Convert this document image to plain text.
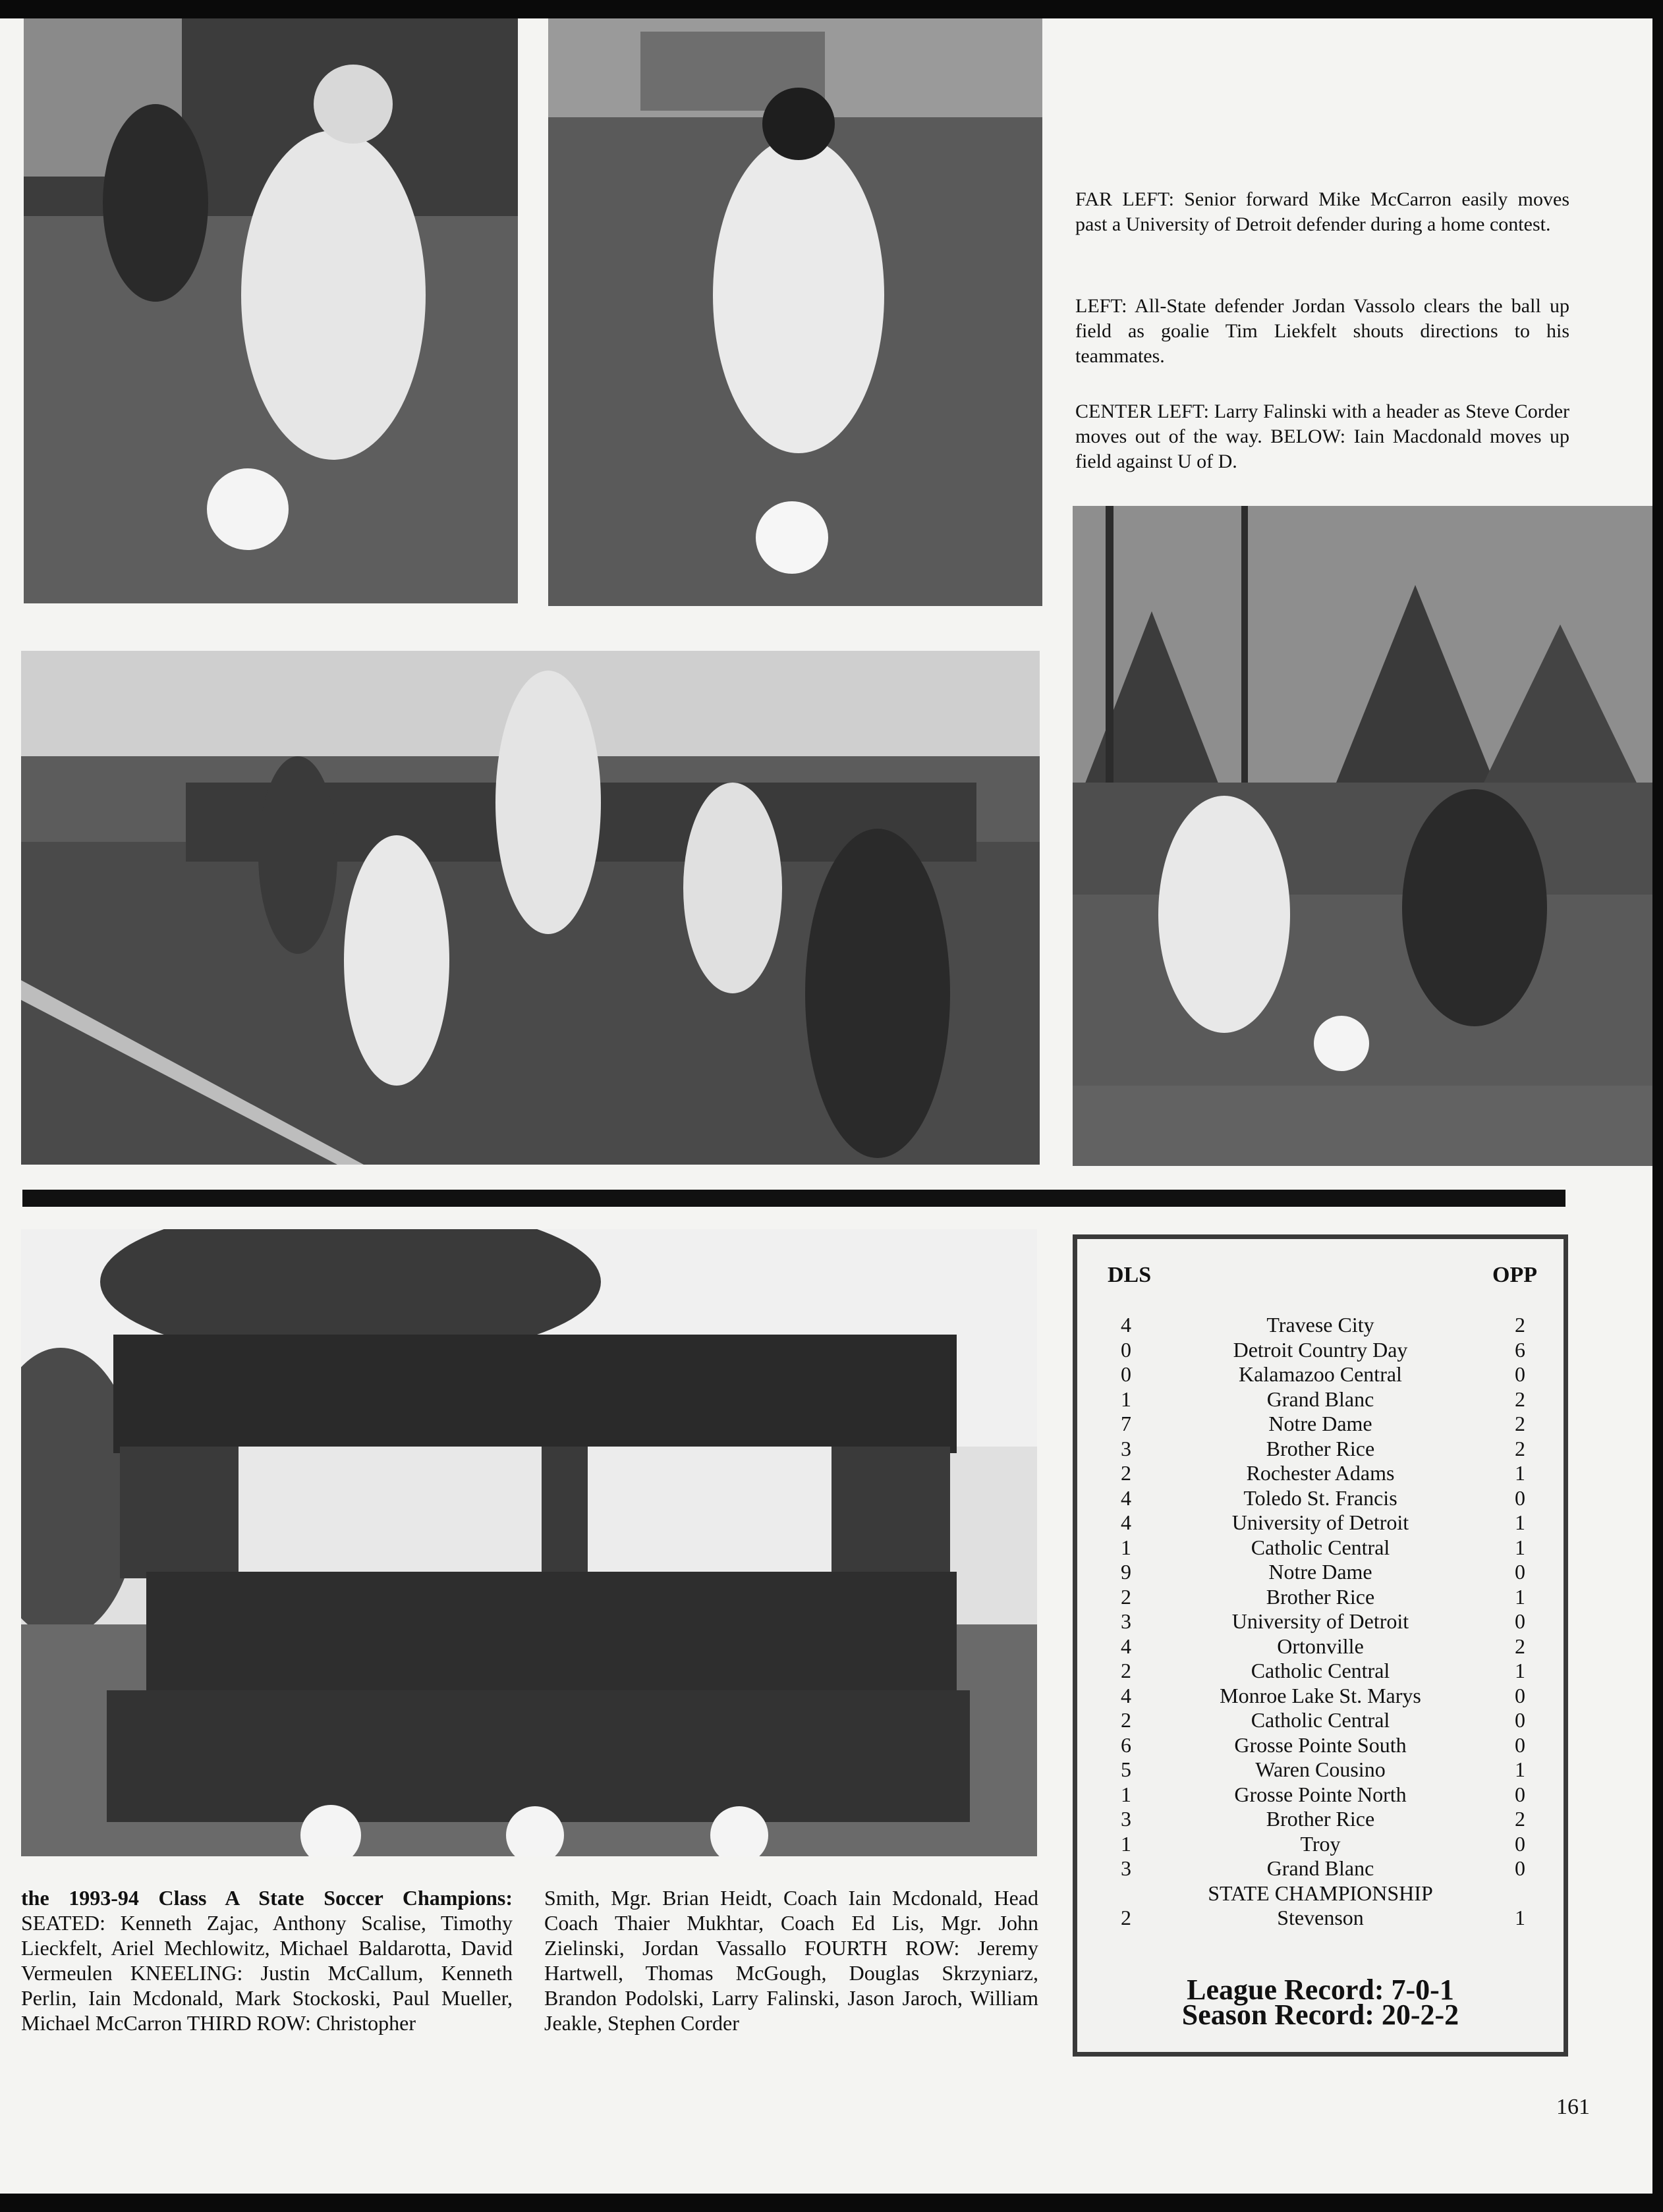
FAR LEFT: Senior forward Mike McCarron easily moves past a University of Detroit defender during a home contest.
LEFT: All-State defender Jordan Vassolo clears the ball up field as goalie Tim Liekfelt shouts directions to his teammates.
CENTER LEFT: Larry Falinski with a header as Steve Corder moves out of the way. BELOW: Iain Macdonald moves up field against U of D.
the 1993-94 Class A State Soccer Champions: SEATED: Kenneth Zajac, Anthony Scalise, Timothy Lieckfelt, Ariel Mechlowitz, Michael Baldarotta, David Vermeulen KNEELING: Justin McCallum, Kenneth Perlin, Iain Mcdonald, Mark Stockoski, Paul Mueller, Michael McCarron THIRD ROW: Christopher
Smith, Mgr. Brian Heidt, Coach Iain Mcdonald, Head Coach Thaier Mukhtar, Coach Ed Lis, Mgr. John Zielinski, Jordan Vassallo FOURTH ROW: Jeremy Hartwell, Thomas McGough, Douglas Skrzyniarz, Brandon Podolski, Larry Falinski, Jason Jaroch, William Jeakle, Stephen Corder
DLS	OPP
4	Travese City	2
0	Detroit Country Day	6
0	Kalamazoo Central	0
1	Grand Blanc	2
7	Notre Dame	2
3	Brother Rice	2
2	Rochester Adams	1
4	Toledo St. Francis	0
4	University of Detroit	1
1	Catholic Central	1
9	Notre Dame	0
2	Brother Rice	1
3	University of Detroit	0
4	Ortonville	2
2	Catholic Central	1
4	Monroe Lake St. Marys	0
2	Catholic Central	0
6	Grosse Pointe South	0
5	Waren Cousino	1
1	Grosse Pointe North	0
3	Brother Rice	2
1	Troy	0
3	Grand Blanc	0
STATE CHAMPIONSHIP
2	Stevenson	1
League Record: 7-0-1
Season Record: 20-2-2
161
